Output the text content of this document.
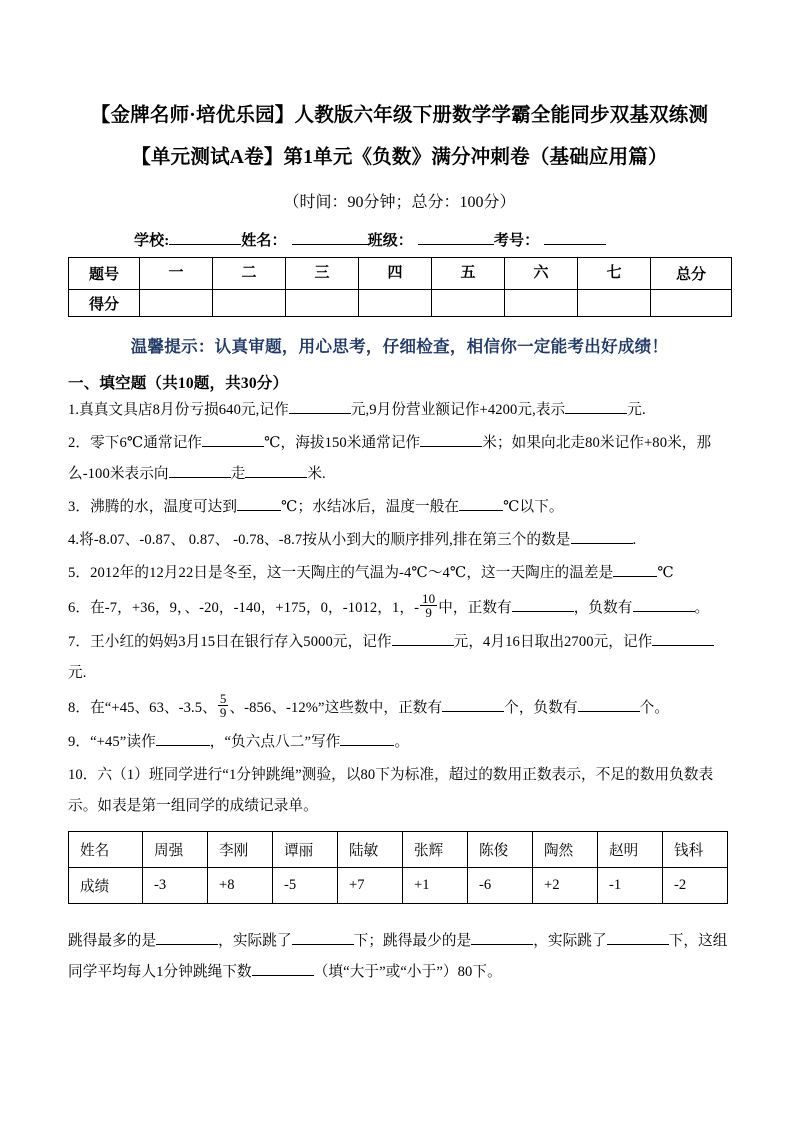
【金牌名师·培优乐园】人教版六年级下册数学学霸全能同步双基双练测
【单元测试A卷】第1单元《负数》满分冲刺卷（基础应用篇）
（时间：90分钟；总分：100分）
学校:	姓名：	班级：	考号：
题号	一	二	三	四	五	六	七	总分
得分								
温馨提示：认真审题，用心思考，仔细检查，相信你一定能考出好成绩！
一、填空题（共10题，共30分）
1.真真文具店8月份亏损640元,记作	元,9月份营业额记作+4200元,表示	元.
2．零下6℃通常记作	℃，海拔150米通常记作	米；如果向北走80米记作+80米，那么‑100米表示向	走	米.
3．沸腾的水，温度可达到	℃；水结冰后，温度一般在	℃以下。
4.将-8.07、-0.87、 0.87、 -0.78、-8.7按从小到大的顺序排列,排在第三个的数是	.
5．2012年的12月22日是冬至，这一天陶庄的气温为‑4℃～4℃，这一天陶庄的温差是	℃
6．在‑7，+36，9，、‑20，‑140，+175，0，‑1012，1，‑ $\frac{10}{9}$ 中，正数有	，负数有	。
7．王小红的妈妈3月15日在银行存入5000元，记作	元，4月16日取出2700元，记作元.
8．在“+45、63、‑3.5、 $\frac{5}{9}$ 、‑856、‑12%”这些数中，正数有	个，负数有	个。
9．“+45”读作	，“负六点八二”写作	。
10．六（1）班同学进行“1分钟跳绳”测验，以80下为标准，超过的数用正数表示，不足的数用负数表示。如表是第一组同学的成绩记录单。
姓名	周强	李刚	谭丽	陆敏	张辉	陈俊	陶然	赵明	钱科
成绩	‑3	+8	‑5	+7	+1	‑6	+2	‑1	‑2
跳得最多的是	，实际跳了	下；跳得最少的是	，实际跳了	下，这组同学平均每人1分钟跳绳下数	（填“大于”或“小于”）80下。
